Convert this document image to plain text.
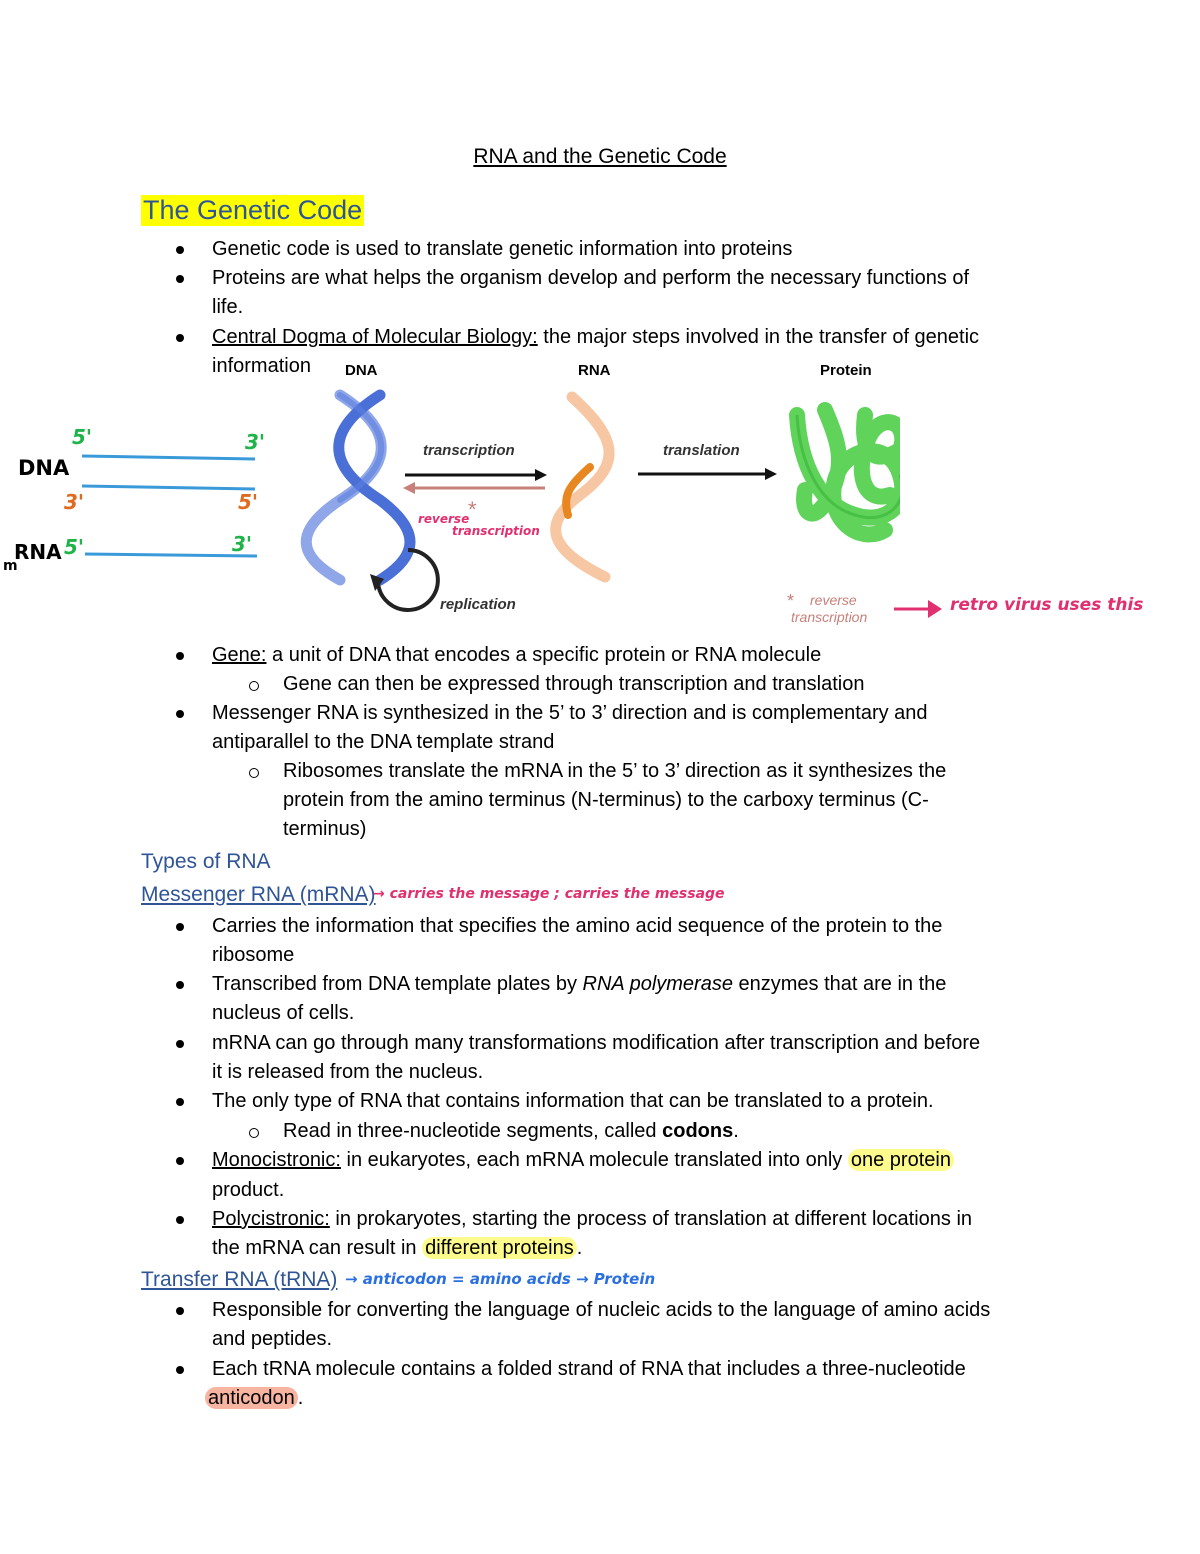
RNA and the Genetic Code
The Genetic Code
Genetic code is used to translate genetic information into proteins
Proteins are what helps the organism develop and perform the necessary functions of
life.
Central Dogma of Molecular Biology: the major steps involved in the transfer of genetic
information DNA	RNA	Protein
replication
transcription
*
translation
* reverse
transcription
reverse
transcription
retro virus uses this
5'	3'
3'	5'
5'	3'
DNA
m
RNA
Gene: a unit of DNA that encodes a specific protein or RNA molecule
Gene can then be expressed through transcription and translation
Messenger RNA is synthesized in the 5’ to 3’ direction and is complementary and
antiparallel to the DNA template strand
Ribosomes translate the mRNA in the 5’ to 3’ direction as it synthesizes the
protein from the amino terminus (N-terminus) to the carboxy terminus (C-
terminus)
Types of RNA
Messenger RNA (mRNA)
→ carries the message ; carries the message
Carries the information that specifies the amino acid sequence of the protein to the
ribosome
Transcribed from DNA template plates by RNA polymerase enzymes that are in the
nucleus of cells.
mRNA can go through many transformations modification after transcription and before
it is released from the nucleus.
The only type of RNA that contains information that can be translated to a protein.
Read in three-nucleotide segments, called codons.
Monocistronic: in eukaryotes, each mRNA molecule translated into only one protein
product.
Polycistronic: in prokaryotes, starting the process of translation at different locations in
the mRNA can result in different proteins .
Transfer RNA (tRNA) → anticodon = amino acids → Protein
Responsible for converting the language of nucleic acids to the language of amino acids
and peptides.
Each tRNA molecule contains a folded strand of RNA that includes a three-nucleotide
anticodon .
